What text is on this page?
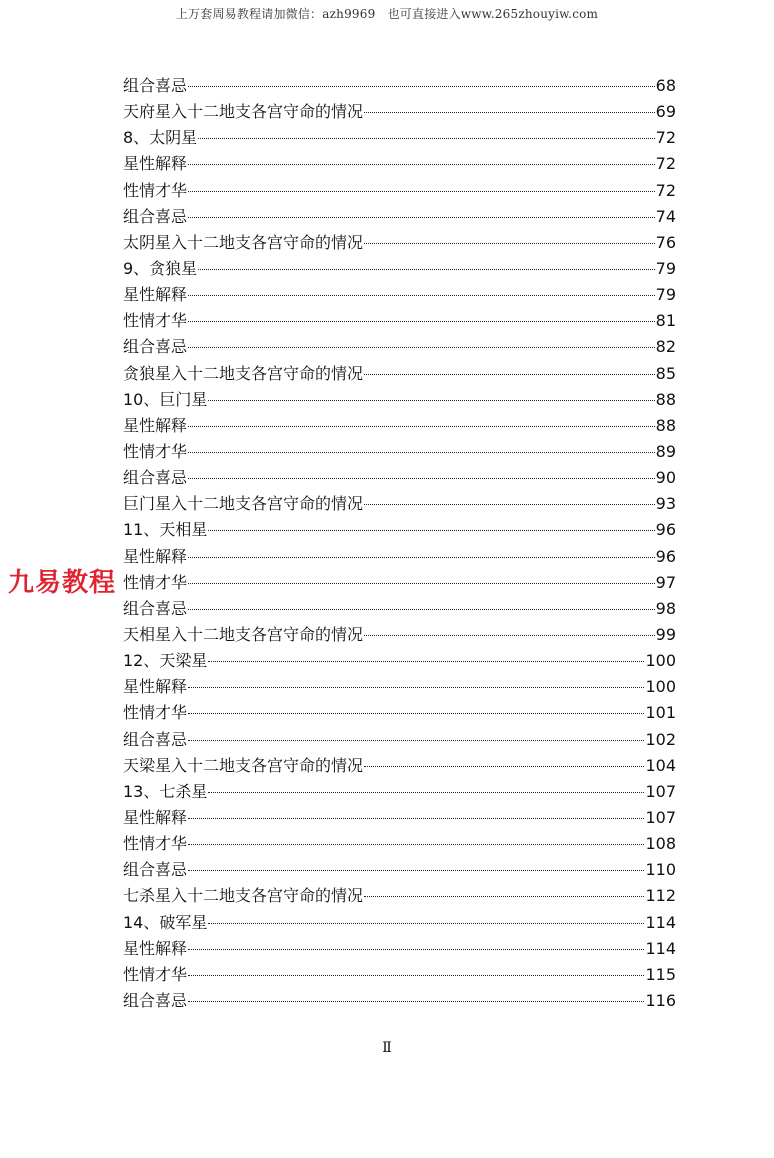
上万套周易教程请加微信：azh9969　也可直接进入www.265zhouyiw.com
组合喜忌	68
天府星入十二地支各宫守命的情况	69
8、太阴星	72
星性解释	72
性情才华	72
组合喜忌	74
太阴星入十二地支各宫守命的情况	76
9、贪狼星	79
星性解释	79
性情才华	81
组合喜忌	82
贪狼星入十二地支各宫守命的情况	85
10、巨门星	88
星性解释	88
性情才华	89
组合喜忌	90
巨门星入十二地支各宫守命的情况	93
11、天相星	96
星性解释	96
性情才华	97
组合喜忌	98
天相星入十二地支各宫守命的情况	99
12、天梁星	100
星性解释	100
性情才华	101
组合喜忌	102
天梁星入十二地支各宫守命的情况	104
13、七杀星	107
星性解释	107
性情才华	108
组合喜忌	110
七杀星入十二地支各宫守命的情况	112
14、破军星	114
星性解释	114
性情才华	115
组合喜忌	116
九易教程
Ⅱ
